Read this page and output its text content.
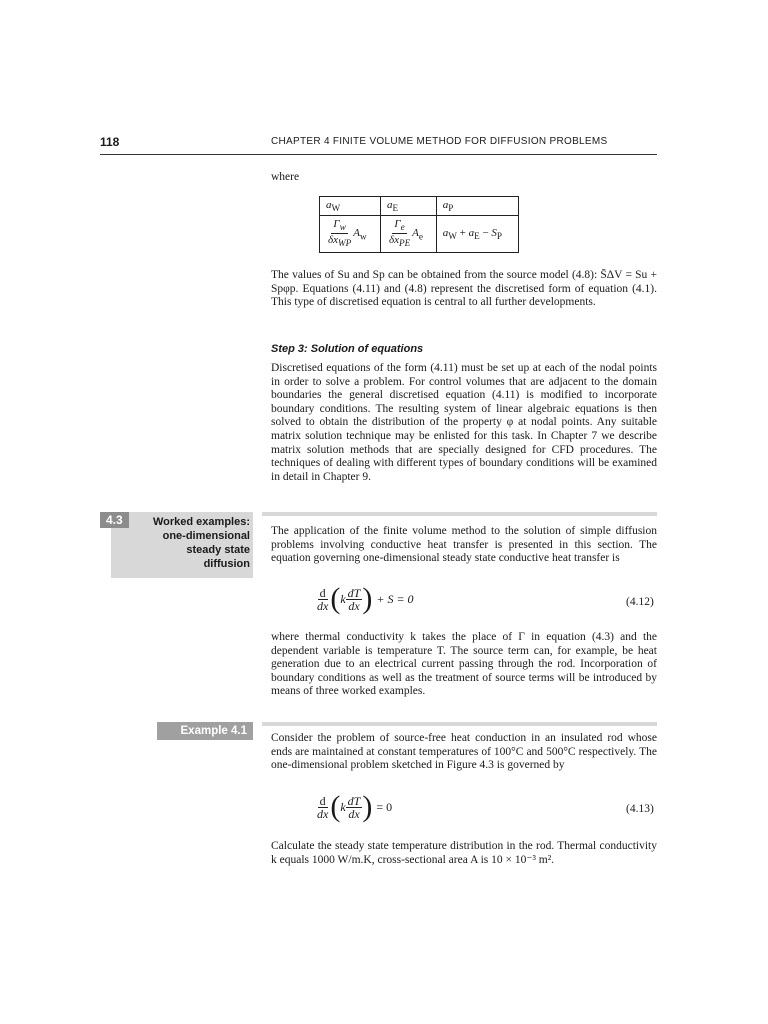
118	CHAPTER 4 FINITE VOLUME METHOD FOR DIFFUSION PROBLEMS
where
$a_W$	$a_E$	$a_P$

$\frac{\Gamma_w}{\delta x_{WP}} A_w$	$\frac{\Gamma_e}{\delta x_{PE}} A_e$	$a_W + a_E - S_P$
The values of Su and Sp can be obtained from the source model (4.8): S̄ΔV = Su + Spφp. Equations (4.11) and (4.8) represent the discretised form of equation (4.1). This type of discretised equation is central to all further developments.
Step 3: Solution of equations
Discretised equations of the form (4.11) must be set up at each of the nodal points in order to solve a problem. For control volumes that are adjacent to the domain boundaries the general discretised equation (4.11) is modified to incorporate boundary conditions. The resulting system of linear algebraic equations is then solved to obtain the distribution of the property φ at nodal points. Any suitable matrix solution technique may be enlisted for this task. In Chapter 7 we describe matrix solution methods that are specially designed for CFD procedures. The techniques of dealing with different types of boundary conditions will be examined in detail in Chapter 9.
4.3	Worked examples: one-dimensional steady state diffusion
The application of the finite volume method to the solution of simple diffusion problems involving conductive heat transfer is presented in this section. The equation governing one-dimensional steady state conductive heat transfer is
$\frac{d}{dx}$ ( k $\frac{dT}{dx}$ ) + S = 0	(4.12)
where thermal conductivity k takes the place of Γ in equation (4.3) and the dependent variable is temperature T. The source term can, for example, be heat generation due to an electrical current passing through the rod. Incorporation of boundary conditions as well as the treatment of source terms will be introduced by means of three worked examples.
Example 4.1
Consider the problem of source-free heat conduction in an insulated rod whose ends are maintained at constant temperatures of 100°C and 500°C respectively. The one-dimensional problem sketched in Figure 4.3 is governed by
$\frac{d}{dx}$ ( k $\frac{dT}{dx}$ ) = 0	(4.13)
Calculate the steady state temperature distribution in the rod. Thermal conductivity k equals 1000 W/m.K, cross-sectional area A is 10 × 10⁻³ m².
